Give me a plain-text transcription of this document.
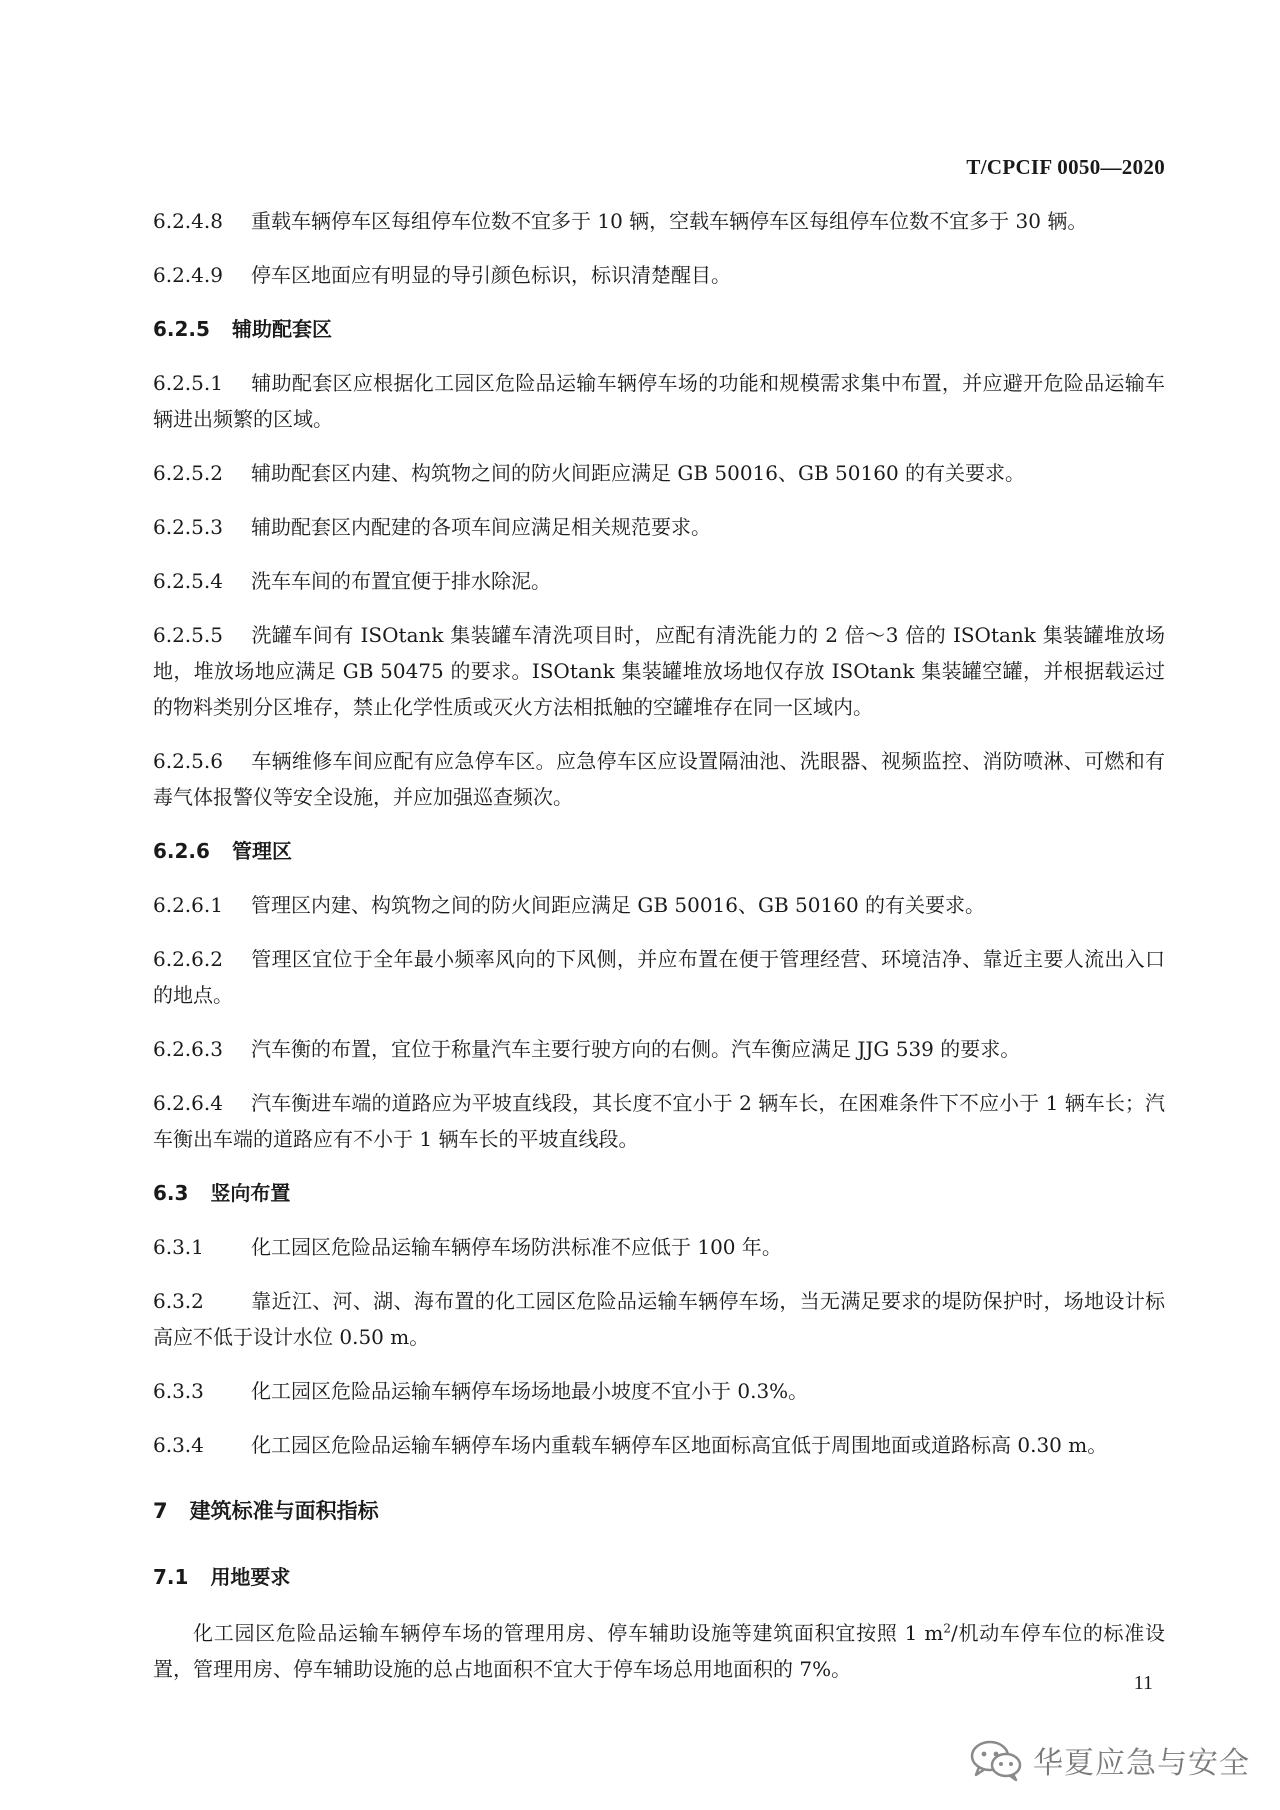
T/CPCIF 0050—2020

6.2.4.8 重载车辆停车区每组停车位数不宜多于 10 辆，空载车辆停车区每组停车位数不宜多于 30 辆。

6.2.4.9 停车区地面应有明显的导引颜色标识，标识清楚醒目。

6.2.5 辅助配套区

6.2.5.1 辅助配套区应根据化工园区危险品运输车辆停车场的功能和规模需求集中布置，并应避开危险品运输车辆进出频繁的区域。

6.2.5.2 辅助配套区内建、构筑物之间的防火间距应满足 GB 50016、GB 50160 的有关要求。

6.2.5.3 辅助配套区内配建的各项车间应满足相关规范要求。

6.2.5.4 洗车车间的布置宜便于排水除泥。

6.2.5.5 洗罐车间有 ISOtank 集装罐车清洗项目时，应配有清洗能力的 2 倍～3 倍的 ISOtank 集装罐堆放场地，堆放场地应满足 GB 50475 的要求。ISOtank 集装罐堆放场地仅存放 ISOtank 集装罐空罐，并根据载运过的物料类别分区堆存，禁止化学性质或灭火方法相抵触的空罐堆存在同一区域内。

6.2.5.6 车辆维修车间应配有应急停车区。应急停车区应设置隔油池、洗眼器、视频监控、消防喷淋、可燃和有毒气体报警仪等安全设施，并应加强巡查频次。

6.2.6 管理区

6.2.6.1 管理区内建、构筑物之间的防火间距应满足 GB 50016、GB 50160 的有关要求。

6.2.6.2 管理区宜位于全年最小频率风向的下风侧，并应布置在便于管理经营、环境洁净、靠近主要人流出入口的地点。

6.2.6.3 汽车衡的布置，宜位于称量汽车主要行驶方向的右侧。汽车衡应满足 JJG 539 的要求。

6.2.6.4 汽车衡进车端的道路应为平坡直线段，其长度不宜小于 2 辆车长，在困难条件下不应小于 1 辆车长；汽车衡出车端的道路应有不小于 1 辆车长的平坡直线段。

6.3 竖向布置

6.3.1 化工园区危险品运输车辆停车场防洪标准不应低于 100 年。

6.3.2 靠近江、河、湖、海布置的化工园区危险品运输车辆停车场，当无满足要求的堤防保护时，场地设计标高应不低于设计水位 0.50 m。

6.3.3 化工园区危险品运输车辆停车场场地最小坡度不宜小于 0.3%。

6.3.4 化工园区危险品运输车辆停车场内重载车辆停车区地面标高宜低于周围地面或道路标高 0.30 m。

7 建筑标准与面积指标
7.1 用地要求

化工园区危险品运输车辆停车场的管理用房、停车辅助设施等建筑面积宜按照 1 $m^2/$机动车停车位的标准设置，管理用房、停车辅助设施的总占地面积不宜大于停车场总用地面积的 7%。

11
华夏应急与安全
